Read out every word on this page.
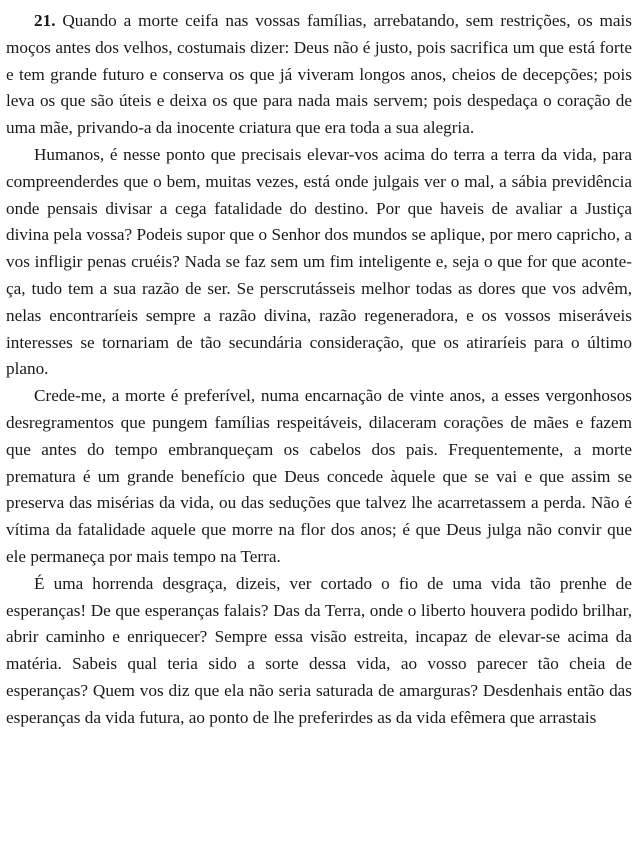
21. Quando a morte ceifa nas vossas famílias, arrebatando, sem restrições, os mais moços antes dos velhos, costumais dizer: Deus não é justo, pois sacrifica um que está forte e tem grande futuro e conserva os que já viveram longos anos, cheios de decepções; pois leva os que são úteis e deixa os que para nada mais servem; pois despedaça o coração de uma mãe, privando-a da inocente criatura que era toda a sua alegria.

Humanos, é nesse ponto que precisais elevar-vos acima do terra a terra da vida, para compreenderdes que o bem, muitas vezes, está onde julgais ver o mal, a sábia previdência onde pensais divisar a cega fatalidade do destino. Por que haveis de avaliar a Justiça divina pela vossa? Podeis supor que o Senhor dos mundos se aplique, por mero capricho, a vos infligir penas cruéis? Nada se faz sem um fim inteligente e, seja o que for que aconteça, tudo tem a sua razão de ser. Se perscrutásseis melhor todas as dores que vos advêm, nelas encontraríeis sempre a razão divina, razão regeneradora, e os vossos miseráveis interesses se tornariam de tão secundária consideração, que os atiraríeis para o último plano.

Crede-me, a morte é preferível, numa encarnação de vinte anos, a esses vergonhosos desregramentos que pungem famílias respeitáveis, dilaceram corações de mães e fazem que antes do tempo embranqueçam os cabelos dos pais. Frequentemente, a morte prematura é um grande benefício que Deus concede àquele que se vai e que assim se preserva das misérias da vida, ou das seduções que talvez lhe acarretassem a perda. Não é vítima da fatalidade aquele que morre na flor dos anos; é que Deus julga não convir que ele permaneça por mais tempo na Terra.

É uma horrenda desgraça, dizeis, ver cortado o fio de uma vida tão prenhe de esperanças! De que esperanças falais? Das da Terra, onde o liberto houvera podido brilhar, abrir caminho e enriquecer? Sempre essa visão estreita, incapaz de elevar-se acima da matéria. Sabeis qual teria sido a sorte dessa vida, ao vosso parecer tão cheia de esperanças? Quem vos diz que ela não seria saturada de amarguras? Desdenhais então das esperanças da vida futura, ao ponto de lhe preferirdes as da vida efêmera que arrastais
